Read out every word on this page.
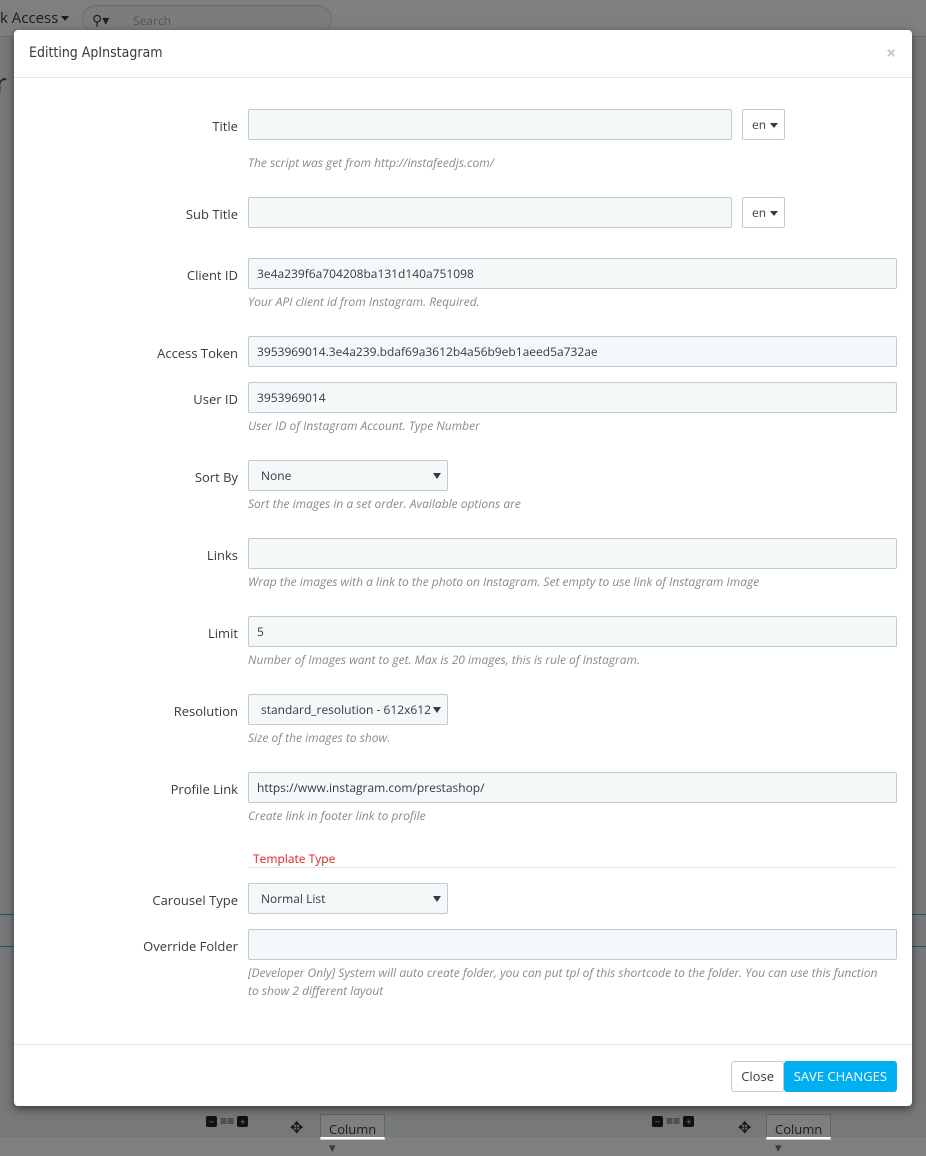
▾
	▾
Editting ApInstagram	×
Title	en
The script was get from http://instafeedjs.com/
Sub Title	en
Client ID	3e4a239f6a704208ba131d140a751098
Your API client id from Instagram. Required.
Access Token	3953969014.3e4a239.bdaf69a3612b4a56b9eb1aeed5a732ae
User ID	3953969014
User ID of Instagram Account. Type Number
Sort By	None
Sort the images in a set order. Available options are
Links
Wrap the images with a link to the photo on Instagram. Set empty to use link of Instagram Image
Limit	5
Number of Images want to get. Max is 20 images, this is rule of Instagram.
Resolution	standard_resolution - 612x612
Size of the images to show.
Profile Link	https://www.instagram.com/prestashop/
Create link in footer link to profile
Template Type
Carousel Type	Normal List
Override Folder
[Developer Only] System will auto create folder, you can put tpl of this shortcode to the folder. You can use this function to show 2 different layout
Close	SAVE CHANGES
